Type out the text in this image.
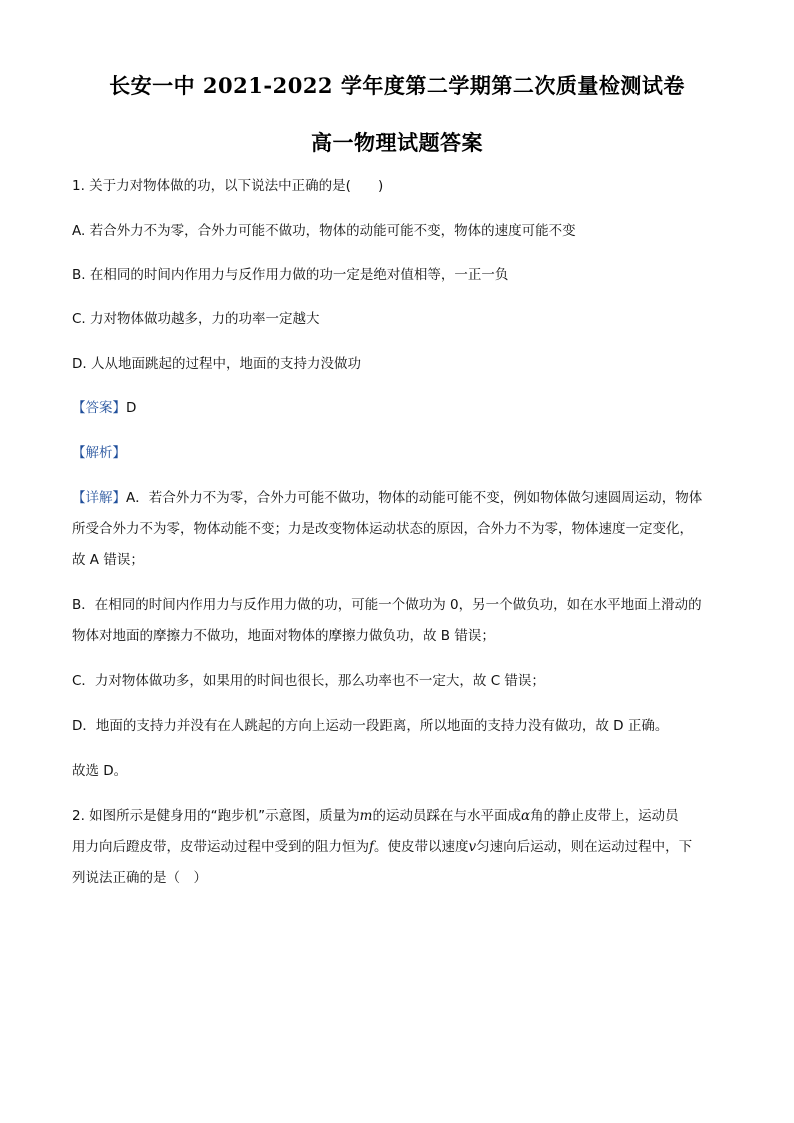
长安一中 2021-2022 学年度第二学期第二次质量检测试卷
高一物理试题答案
1. 关于力对物体做的功，以下说法中正确的是(　　)
A. 若合外力不为零，合外力可能不做功，物体的动能可能不变，物体的速度可能不变
B. 在相同的时间内作用力与反作用力做的功一定是绝对值相等，一正一负
C. 力对物体做功越多，力的功率一定越大
D. 人从地面跳起的过程中，地面的支持力没做功
【答案】D
【解析】
【详解】A．若合外力不为零，合外力可能不做功，物体的动能可能不变，例如物体做匀速圆周运动，物体
所受合外力不为零，物体动能不变；力是改变物体运动状态的原因，合外力不为零，物体速度一定变化，
故 A 错误；
B．在相同的时间内作用力与反作用力做的功，可能一个做功为 0，另一个做负功，如在水平地面上滑动的
物体对地面的摩擦力不做功，地面对物体的摩擦力做负功，故 B 错误；
C．力对物体做功多，如果用的时间也很长，那么功率也不一定大，故 C 错误；
D．地面的支持力并没有在人跳起的方向上运动一段距离，所以地面的支持力没有做功，故 D 正确。
故选 D。
2. 如图所示是健身用的“跑步机”示意图，质量为m的运动员踩在与水平面成α角的静止皮带上，运动员
用力向后蹬皮带，皮带运动过程中受到的阻力恒为f。使皮带以速度v匀速向后运动，则在运动过程中，下
列说法正确的是（　）
